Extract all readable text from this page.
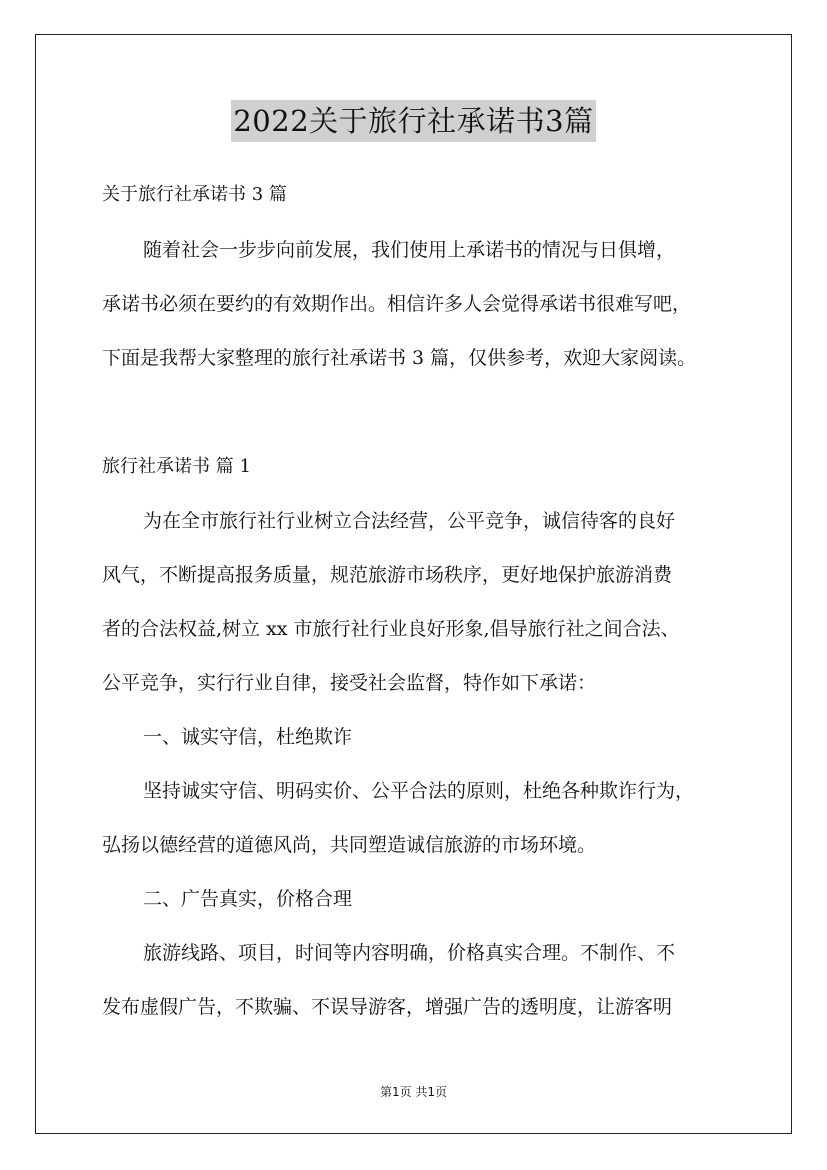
2022关于旅行社承诺书3篇
关于旅行社承诺书 3 篇
随着社会一步步向前发展，我们使用上承诺书的情况与日俱增，
承诺书必须在要约的有效期作出。相信许多人会觉得承诺书很难写吧，
下面是我帮大家整理的旅行社承诺书 3 篇，仅供参考，欢迎大家阅读。
旅行社承诺书 篇 1
为在全市旅行社行业树立合法经营，公平竞争，诚信待客的良好
风气，不断提高报务质量，规范旅游市场秩序，更好地保护旅游消费
者的合法权益,树立 xx 市旅行社行业良好形象,倡导旅行社之间合法、
公平竞争，实行行业自律，接受社会监督，特作如下承诺：
一、诚实守信，杜绝欺诈
坚持诚实守信、明码实价、公平合法的原则，杜绝各种欺诈行为，
弘扬以德经营的道德风尚，共同塑造诚信旅游的市场环境。
二、广告真实，价格合理
旅游线路、项目，时间等内容明确，价格真实合理。不制作、不
发布虚假广告，不欺骗、不误导游客，增强广告的透明度，让游客明
第1页 共1页
